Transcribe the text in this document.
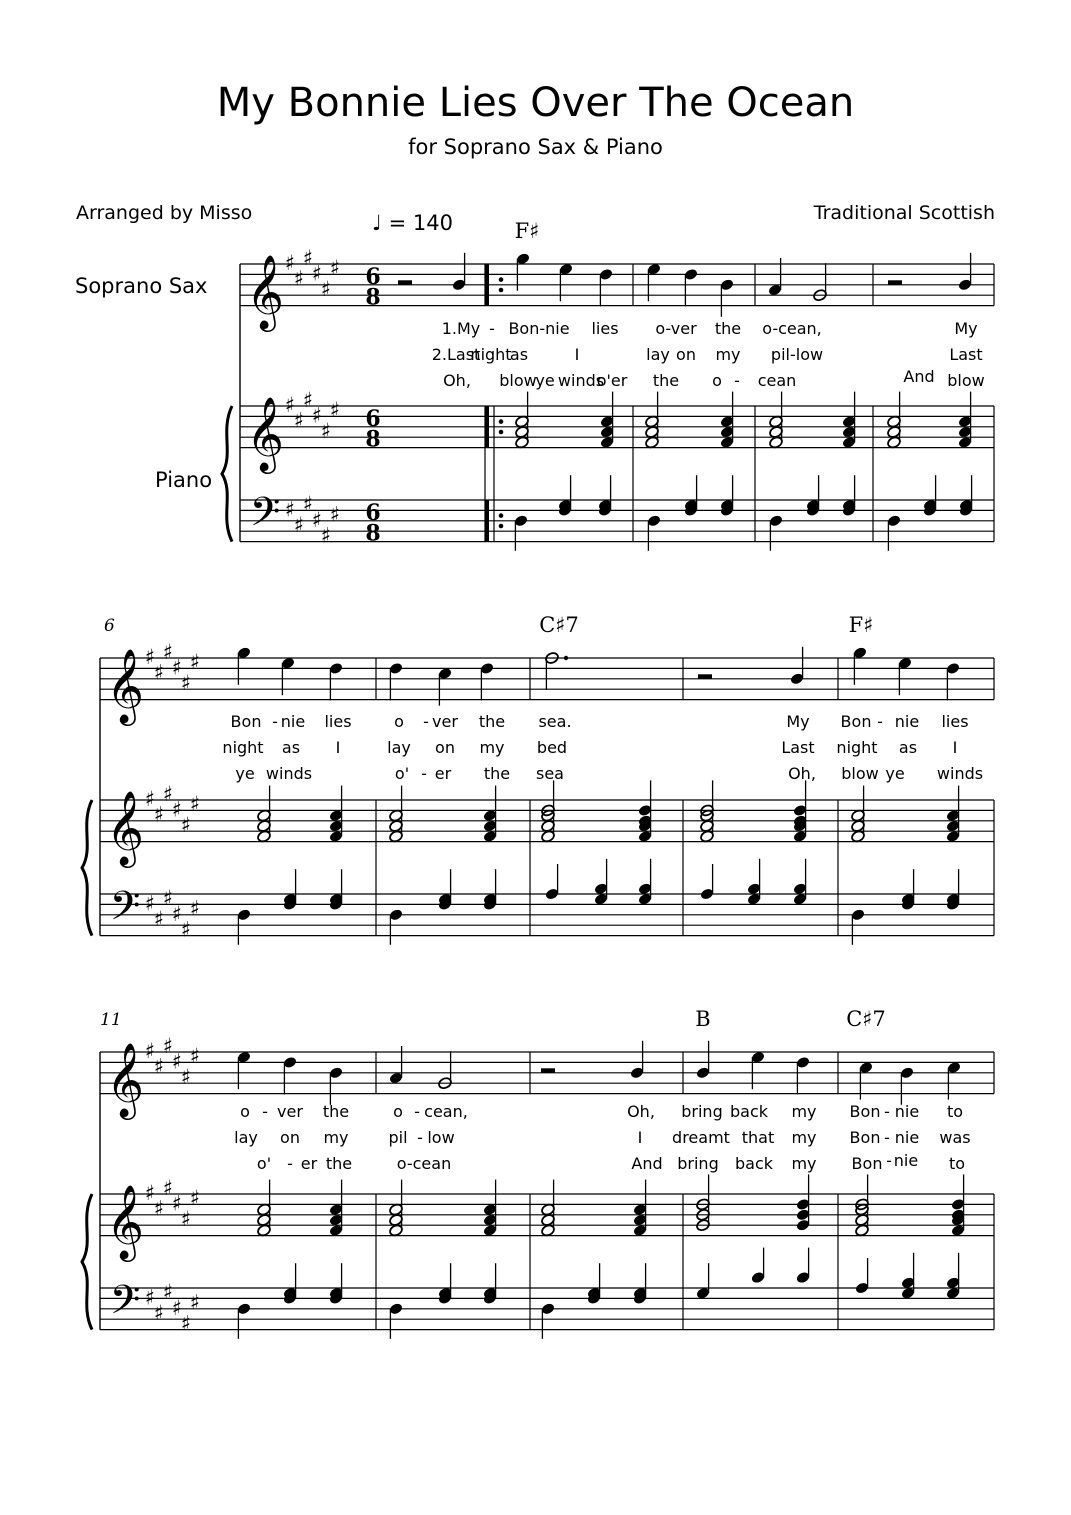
My Bonnie Lies Over The Ocean
for Soprano Sax & Piano
Arranged by Misso	Traditional Scottish
♩ = 140
Soprano Sax
Piano
𝄞
𝄞
𝄢
♯
♯
♯
♯
♯
♯
♯
♯
♯
♯
♯
♯
♯
♯
♯
♯
♯
♯
6
8
6
8
6
8
𝄞
𝄞
𝄢
♯
♯
♯
♯
♯
♯
♯
♯
♯
♯
♯
♯
♯
♯
♯
♯
♯
♯
𝄞
𝄞
𝄢
♯
♯
♯
♯
♯
♯
♯
♯
♯
♯
♯
♯
♯
♯
♯
♯
♯
♯
6
11
F♯
C♯7	F♯
B	C♯7
1.My - Bon-nie lies o-ver the o-cean,	My
2.Last
night
as	I	lay on my pil-low	Last
Oh, blow
ye winds
o'er the o - cean	And blow
Bon - nie lies	o - ver the sea.	My Bon - nie lies
night as I	lay on my bed	Last night as I
ye winds	o' - er the sea	Oh, blow ye winds
o - ver the	o - cean,	Oh, bring back my Bon - nie to
lay on my pil - low	I dreamt that my Bon - nie was
o' - er the	o-cean	And bring back my Bon - nie to
